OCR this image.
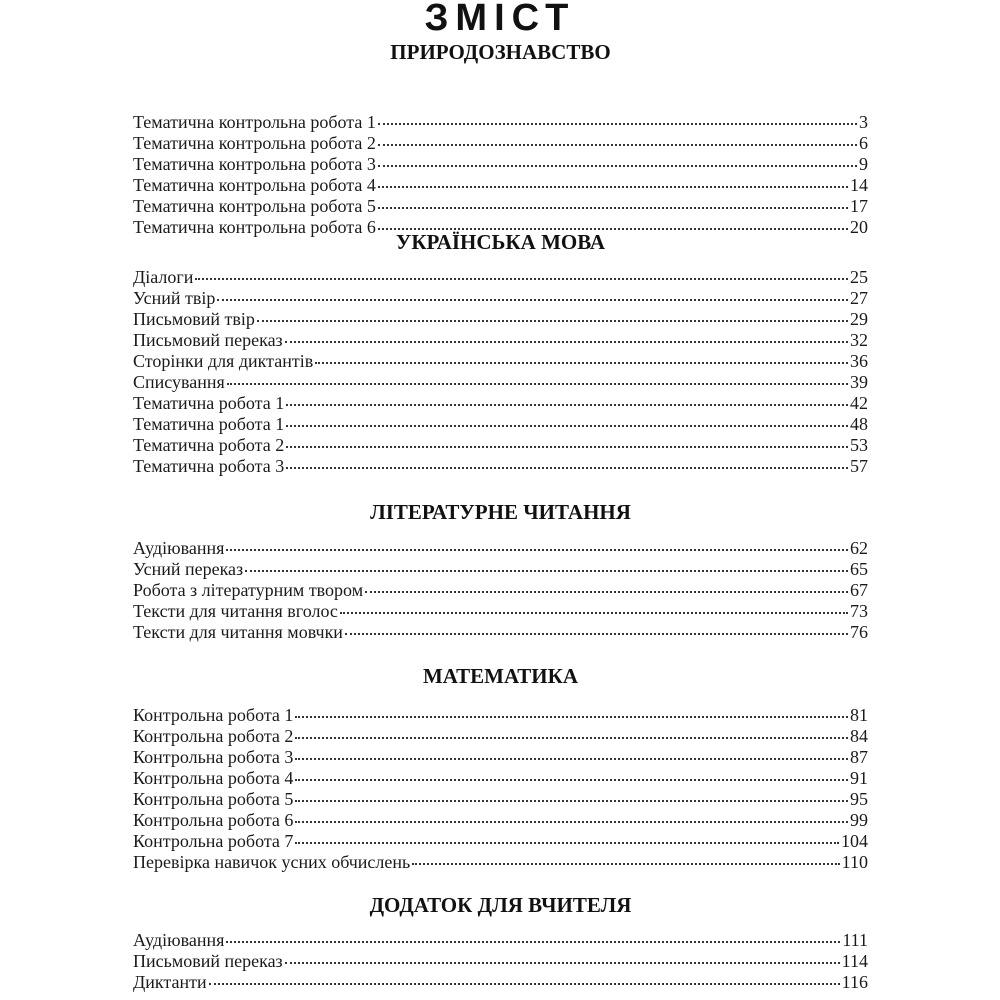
ЗМІСТ
ПРИРОДОЗНАВСТВО
Тематична контрольна робота 1	3
Тематична контрольна робота 2	6
Тематична контрольна робота 3	9
Тематична контрольна робота 4	14
Тематична контрольна робота 5	17
Тематична контрольна робота 6	20
УКРАЇНСЬКА МОВА
Діалоги	25
Усний твір	27
Письмовий твір	29
Письмовий переказ	32
Сторінки для диктантів	36
Списування	39
Тематична робота 1	42
Тематична робота 1	48
Тематична робота 2	53
Тематична робота 3	57
ЛІТЕРАТУРНЕ ЧИТАННЯ
Аудіювання	62
Усний переказ	65
Робота з літературним твором	67
Тексти для читання вголос	73
Тексти для читання мовчки	76
МАТЕМАТИКА
Контрольна робота 1	81
Контрольна робота 2	84
Контрольна робота 3	87
Контрольна робота 4	91
Контрольна робота 5	95
Контрольна робота 6	99
Контрольна робота 7	104
Перевірка навичок усних обчислень	110
ДОДАТОК ДЛЯ ВЧИТЕЛЯ
Аудіювання	111
Письмовий переказ	114
Диктанти	116
